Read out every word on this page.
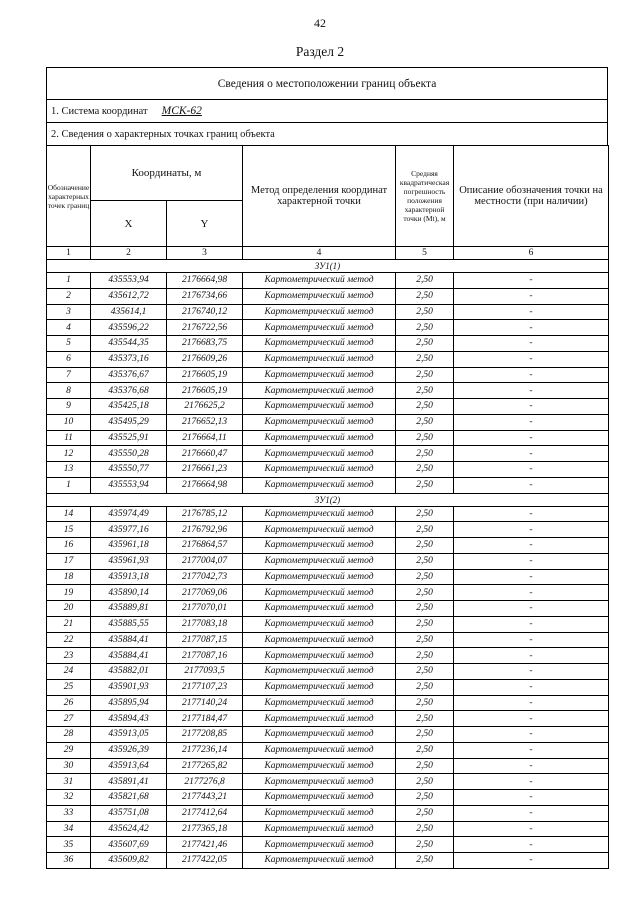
42
Раздел 2
Сведения о местоположении границ объекта
1. Система координат МСК-62
2. Сведения о характерных точках границ объекта
Обозначение характерных точек границ	Координаты, м		Метод определения координат характерной точки	Средняя квадратическая погрешность положения характерной точки (Мt), м	Описание обозначения точки на местности (при наличии)
	X	Y			
1	2	3	4	5	6
ЗУ1(1)					
1	435553,94	2176664,98	Картометрический метод	2,50	-
2	435612,72	2176734,66	Картометрический метод	2,50	-
3	435614,1	2176740,12	Картометрический метод	2,50	-
4	435596,22	2176722,56	Картометрический метод	2,50	-
5	435544,35	2176683,75	Картометрический метод	2,50	-
6	435373,16	2176609,26	Картометрический метод	2,50	-
7	435376,67	2176605,19	Картометрический метод	2,50	-
8	435376,68	2176605,19	Картометрический метод	2,50	-
9	435425,18	2176625,2	Картометрический метод	2,50	-
10	435495,29	2176652,13	Картометрический метод	2,50	-
11	435525,91	2176664,11	Картометрический метод	2,50	-
12	435550,28	2176660,47	Картометрический метод	2,50	-
13	435550,77	2176661,23	Картометрический метод	2,50	-
1	435553,94	2176664,98	Картометрический метод	2,50	-
ЗУ1(2)					
14	435974,49	2176785,12	Картометрический метод	2,50	-
15	435977,16	2176792,96	Картометрический метод	2,50	-
16	435961,18	2176864,57	Картометрический метод	2,50	-
17	435961,93	2177004,07	Картометрический метод	2,50	-
18	435913,18	2177042,73	Картометрический метод	2,50	-
19	435890,14	2177069,06	Картометрический метод	2,50	-
20	435889,81	2177070,01	Картометрический метод	2,50	-
21	435885,55	2177083,18	Картометрический метод	2,50	-
22	435884,41	2177087,15	Картометрический метод	2,50	-
23	435884,41	2177087,16	Картометрический метод	2,50	-
24	435882,01	2177093,5	Картометрический метод	2,50	-
25	435901,93	2177107,23	Картометрический метод	2,50	-
26	435895,94	2177140,24	Картометрический метод	2,50	-
27	435894,43	2177184,47	Картометрический метод	2,50	-
28	435913,05	2177208,85	Картометрический метод	2,50	-
29	435926,39	2177236,14	Картометрический метод	2,50	-
30	435913,64	2177265,82	Картометрический метод	2,50	-
31	435891,41	2177276,8	Картометрический метод	2,50	-
32	435821,68	2177443,21	Картометрический метод	2,50	-
33	435751,08	2177412,64	Картометрический метод	2,50	-
34	435624,42	2177365,18	Картометрический метод	2,50	-
35	435607,69	2177421,46	Картометрический метод	2,50	-
36	435609,82	2177422,05	Картометрический метод	2,50	-
